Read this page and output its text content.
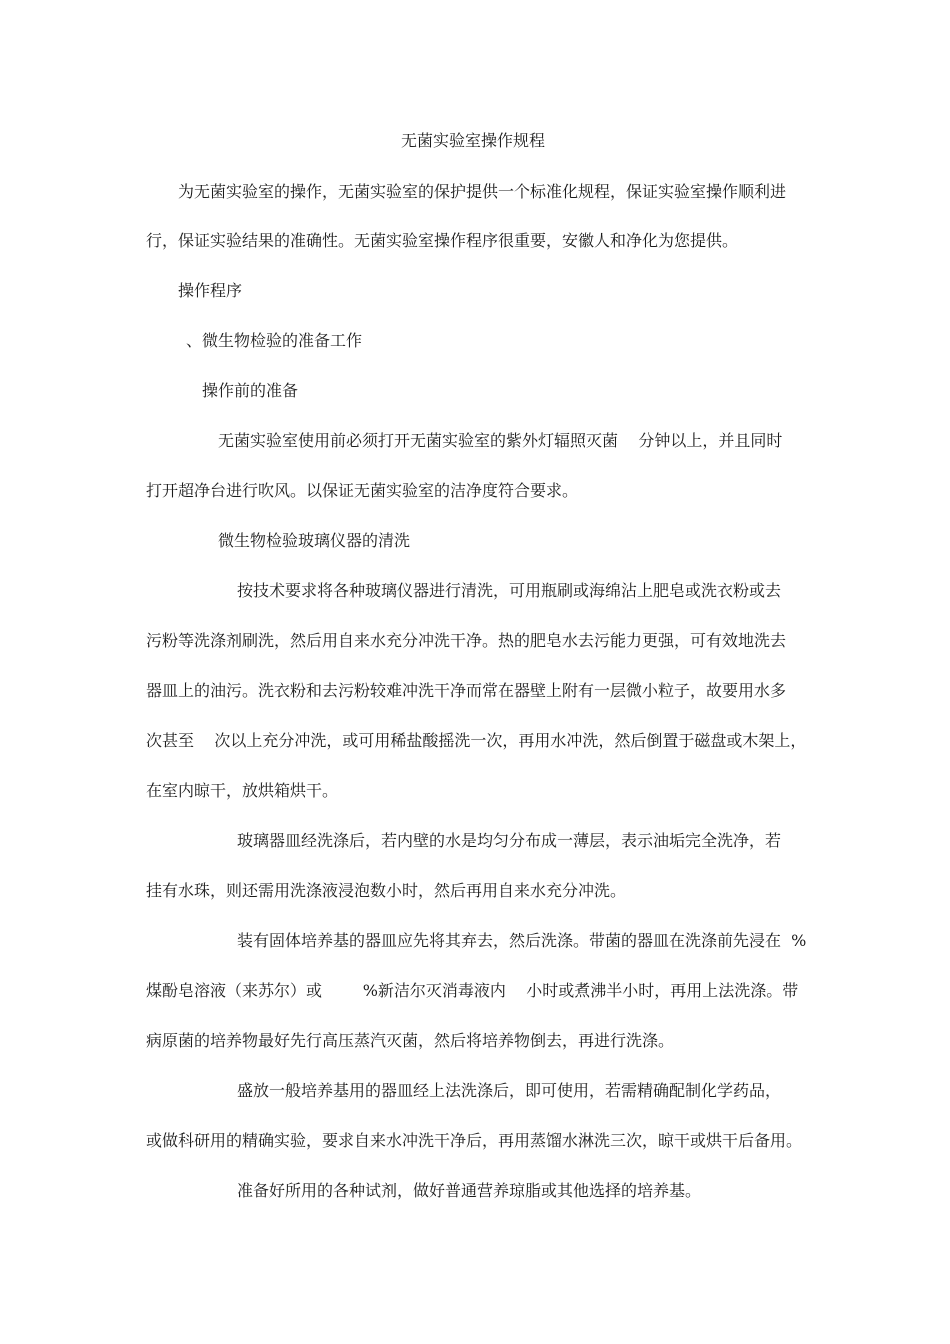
无菌实验室操作规程
为无菌实验室的操作，无菌实验室的保护提供一个标准化规程，保证实验室操作顺利进
行，保证实验结果的准确性。无菌实验室操作程序很重要，安徽人和净化为您提供。
操作程序
、微生物检验的准备工作
操作前的准备
无菌实验室使用前必须打开无菌实验室的紫外灯辐照灭菌    分钟以上，并且同时
打开超净台进行吹风。以保证无菌实验室的洁净度符合要求。
微生物检验玻璃仪器的清洗
按技术要求将各种玻璃仪器进行清洗，可用瓶刷或海绵沾上肥皂或洗衣粉或去
污粉等洗涤剂刷洗，然后用自来水充分冲洗干净。热的肥皂水去污能力更强，可有效地洗去
器皿上的油污。洗衣粉和去污粉较难冲洗干净而常在器壁上附有一层微小粒子，故要用水多
次甚至    次以上充分冲洗，或可用稀盐酸摇洗一次，再用水冲洗，然后倒置于磁盘或木架上，
在室内晾干，放烘箱烘干。
玻璃器皿经洗涤后，若内壁的水是均匀分布成一薄层，表示油垢完全洗净，若
挂有水珠，则还需用洗涤液浸泡数小时，然后再用自来水充分冲洗。
装有固体培养基的器皿应先将其弃去，然后洗涤。带菌的器皿在洗涤前先浸在  %
煤酚皂溶液（来苏尔）或        %新洁尔灭消毒液内    小时或煮沸半小时，再用上法洗涤。带
病原菌的培养物最好先行高压蒸汽灭菌，然后将培养物倒去，再进行洗涤。
盛放一般培养基用的器皿经上法洗涤后，即可使用，若需精确配制化学药品，
或做科研用的精确实验，要求自来水冲洗干净后，再用蒸馏水淋洗三次，晾干或烘干后备用。
准备好所用的各种试剂，做好普通营养琼脂或其他选择的培养基。
